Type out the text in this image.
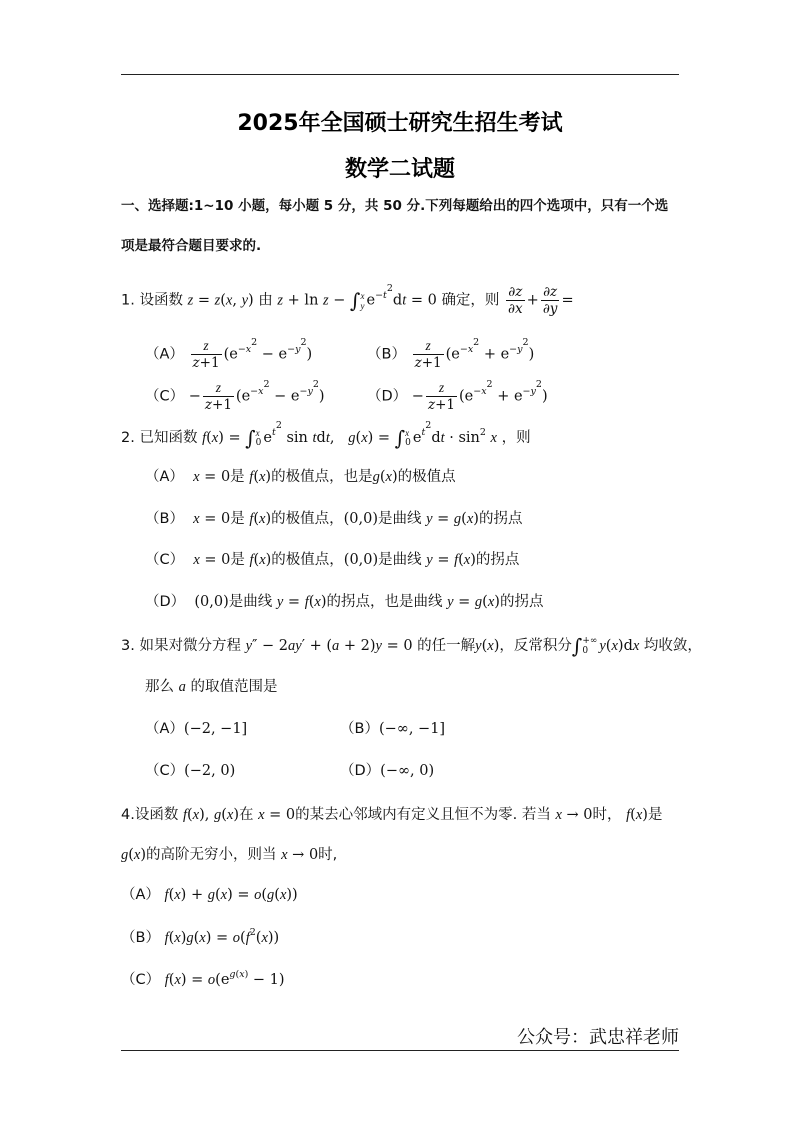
2025年全国硕士研究生招生考试
数学二试题
一、选择题:1~10 小题，每小题 5 分，共 50 分.下列每题给出的四个选项中，只有一个选
项是最符合题目要求的.
1. 设函数 z = z(x, y) 由 z + ln z − ∫ x
y $e^{-t^2}dt = 0$ 确定，则 $\frac{\partial z}{\partial x} + \frac{\partial z}{\partial y}$ =
$(A) \frac{z}{z+1} (e^{-x^2} - e^{-y^2})$	$(B) \frac{z}{z+1} (e^{-x^2} + e^{-y^2})$
$(C) - \frac{z}{z+1} (e^{-x^2} - e^{-y^2})$	$(D) - \frac{z}{z+1} (e^{-x^2} + e^{-y^2})$
2. 已知函数 f(x) = ∫ x
0 $e^{t^2}$ sin tdt,   g(x) = ∫ x
0 $e^{t^2}dt \cdot \sin^2 x$ ，则
（A） x = 0是 f(x)的极值点，也是g(x)的极值点
（B） x = 0是 f(x)的极值点，(0,0)是曲线 y = g(x)的拐点
（C） x = 0是 f(x)的极值点，(0,0)是曲线 y = f(x)的拐点
（D）  (0,0)是曲线 y = f(x)的拐点，也是曲线 y = g(x)的拐点
3. 如果对微分方程 y″ − 2ay′ + (a + 2)y = 0 的任一解y(x)，反常积分∫ +∞
0 y(x)dx 均收敛，
那么 a 的取值范围是
（A）(−2, −1]	（B）(−∞, −1]
（C）(−2, 0)	（D）(−∞, 0)
4.设函数 f(x), g(x)在 x = 0的某去心邻域内有定义且恒不为零. 若当 x → 0时， f(x)是
g(x)的高阶无穷小，则当 x → 0时,
（A） f(x) + g(x) = o(g(x))
（B） $f(x)g(x) = o(f^2(x))$
（C） $f(x) = o(e^{g(x)} - 1)$
公众号：武忠祥老师
